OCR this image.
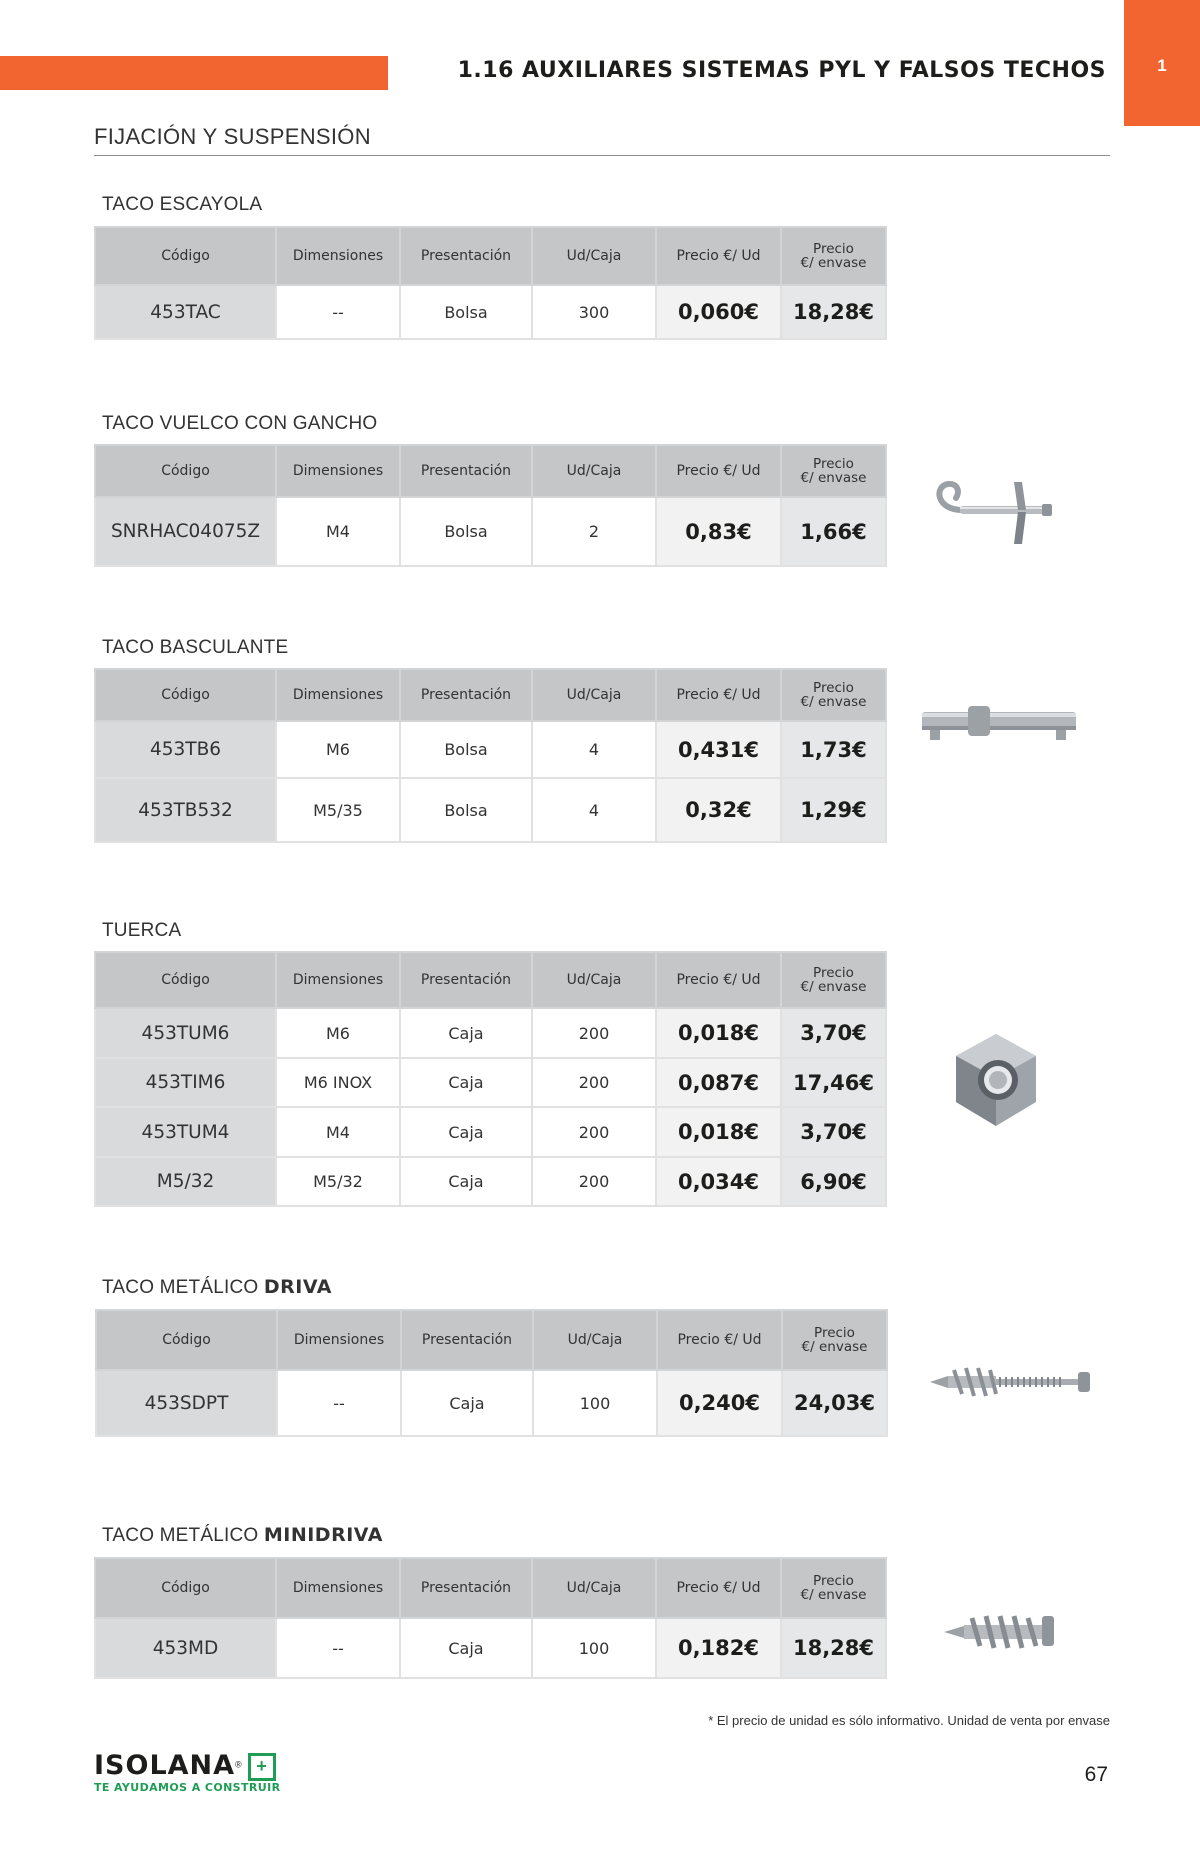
1
1.16 AUXILIARES SISTEMAS PYL Y FALSOS TECHOS
FIJACIÓN Y SUSPENSIÓN
TACO ESCAYOLA
Código	Dimensiones	Presentación	Ud/Caja	Precio €/ Ud	Precio
€/ envase

453TAC	--	Bolsa	300	0,060€	18,28€
TACO VUELCO CON GANCHO
Código	Dimensiones	Presentación	Ud/Caja	Precio €/ Ud	Precio
€/ envase

SNRHAC04075Z	M4	Bolsa	2	0,83€	1,66€
TACO BASCULANTE
Código	Dimensiones	Presentación	Ud/Caja	Precio €/ Ud	Precio
€/ envase

453TB6	M6	Bolsa	4	0,431€	1,73€
453TB532	M5/35	Bolsa	4	0,32€	1,29€
TUERCA
Código	Dimensiones	Presentación	Ud/Caja	Precio €/ Ud	Precio
€/ envase

453TUM6	M6	Caja	200	0,018€	3,70€
453TIM6	M6 INOX	Caja	200	0,087€	17,46€
453TUM4	M4	Caja	200	0,018€	3,70€
M5/32	M5/32	Caja	200	0,034€	6,90€
TACO METÁLICO DRIVA
Código	Dimensiones	Presentación	Ud/Caja	Precio €/ Ud	Precio
€/ envase

453SDPT	--	Caja	100	0,240€	24,03€
TACO METÁLICO MINIDRIVA
Código	Dimensiones	Presentación	Ud/Caja	Precio €/ Ud	Precio
€/ envase

453MD	--	Caja	100	0,182€	18,28€
* El precio de unidad es sólo informativo. Unidad de venta por envase
ISOLANA® +
TE AYUDAMOS A CONSTRUIR
67
